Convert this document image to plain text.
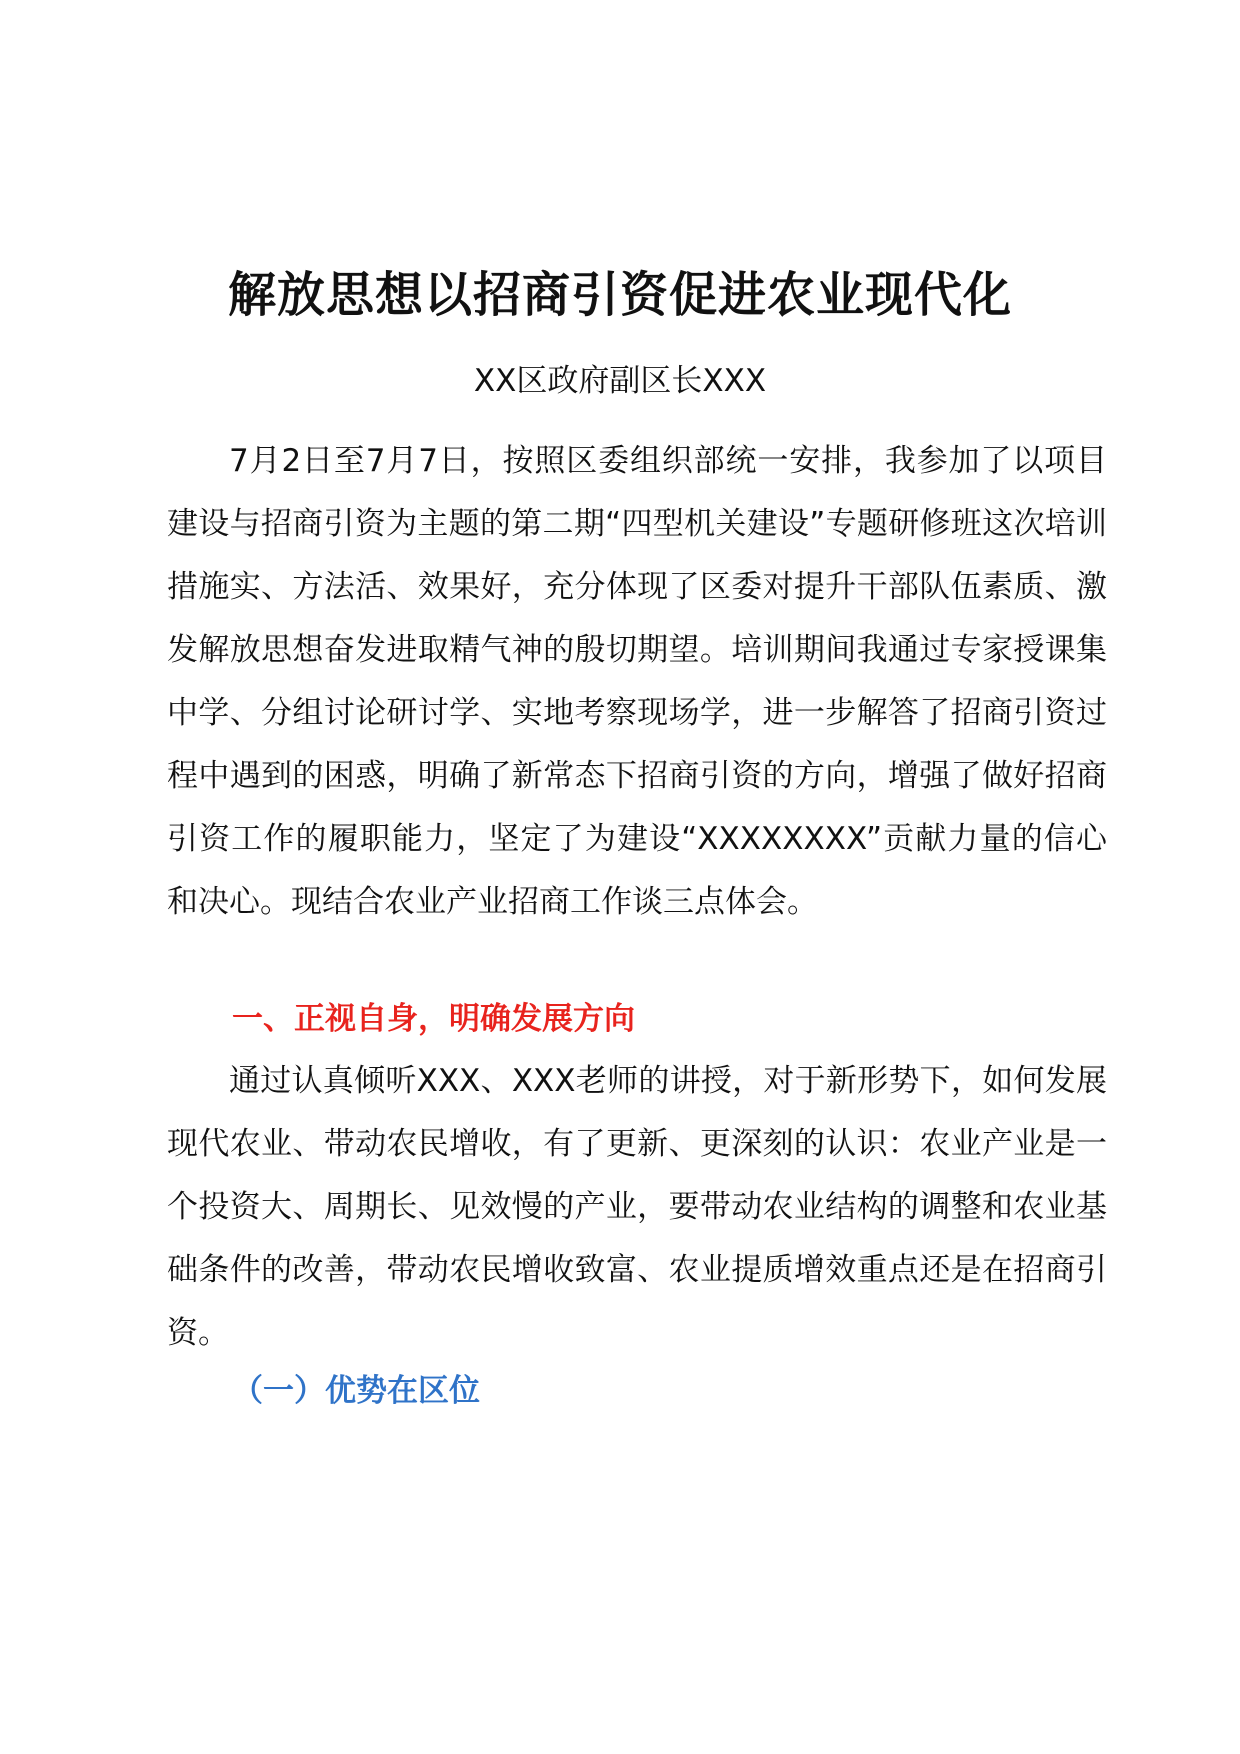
解放思想以招商引资促进农业现代化
XX区政府副区长XXX

7月2日至7月7日，按照区委组织部统一安排，我参加了以项目建设与招商引资为主题的第二期“四型机关建设”专题研修班这次培训措施实、方法活、效果好，充分体现了区委对提升干部队伍素质、激发解放思想奋发进取精气神的殷切期望。培训期间我通过专家授课集中学、分组讨论研讨学、实地考察现场学，进一步解答了招商引资过程中遇到的困惑，明确了新常态下招商引资的方向，增强了做好招商引资工作的履职能力，坚定了为建设“XXXXXXXX”贡献力量的信心和决心。现结合农业产业招商工作谈三点体会。

一、正视自身，明确发展方向

通过认真倾听XXX、XXX老师的讲授，对于新形势下，如何发展现代农业、带动农民增收，有了更新、更深刻的认识：农业产业是一个投资大、周期长、见效慢的产业，要带动农业结构的调整和农业基础条件的改善，带动农民增收致富、农业提质增效重点还是在招商引资。

（一）优势在区位
